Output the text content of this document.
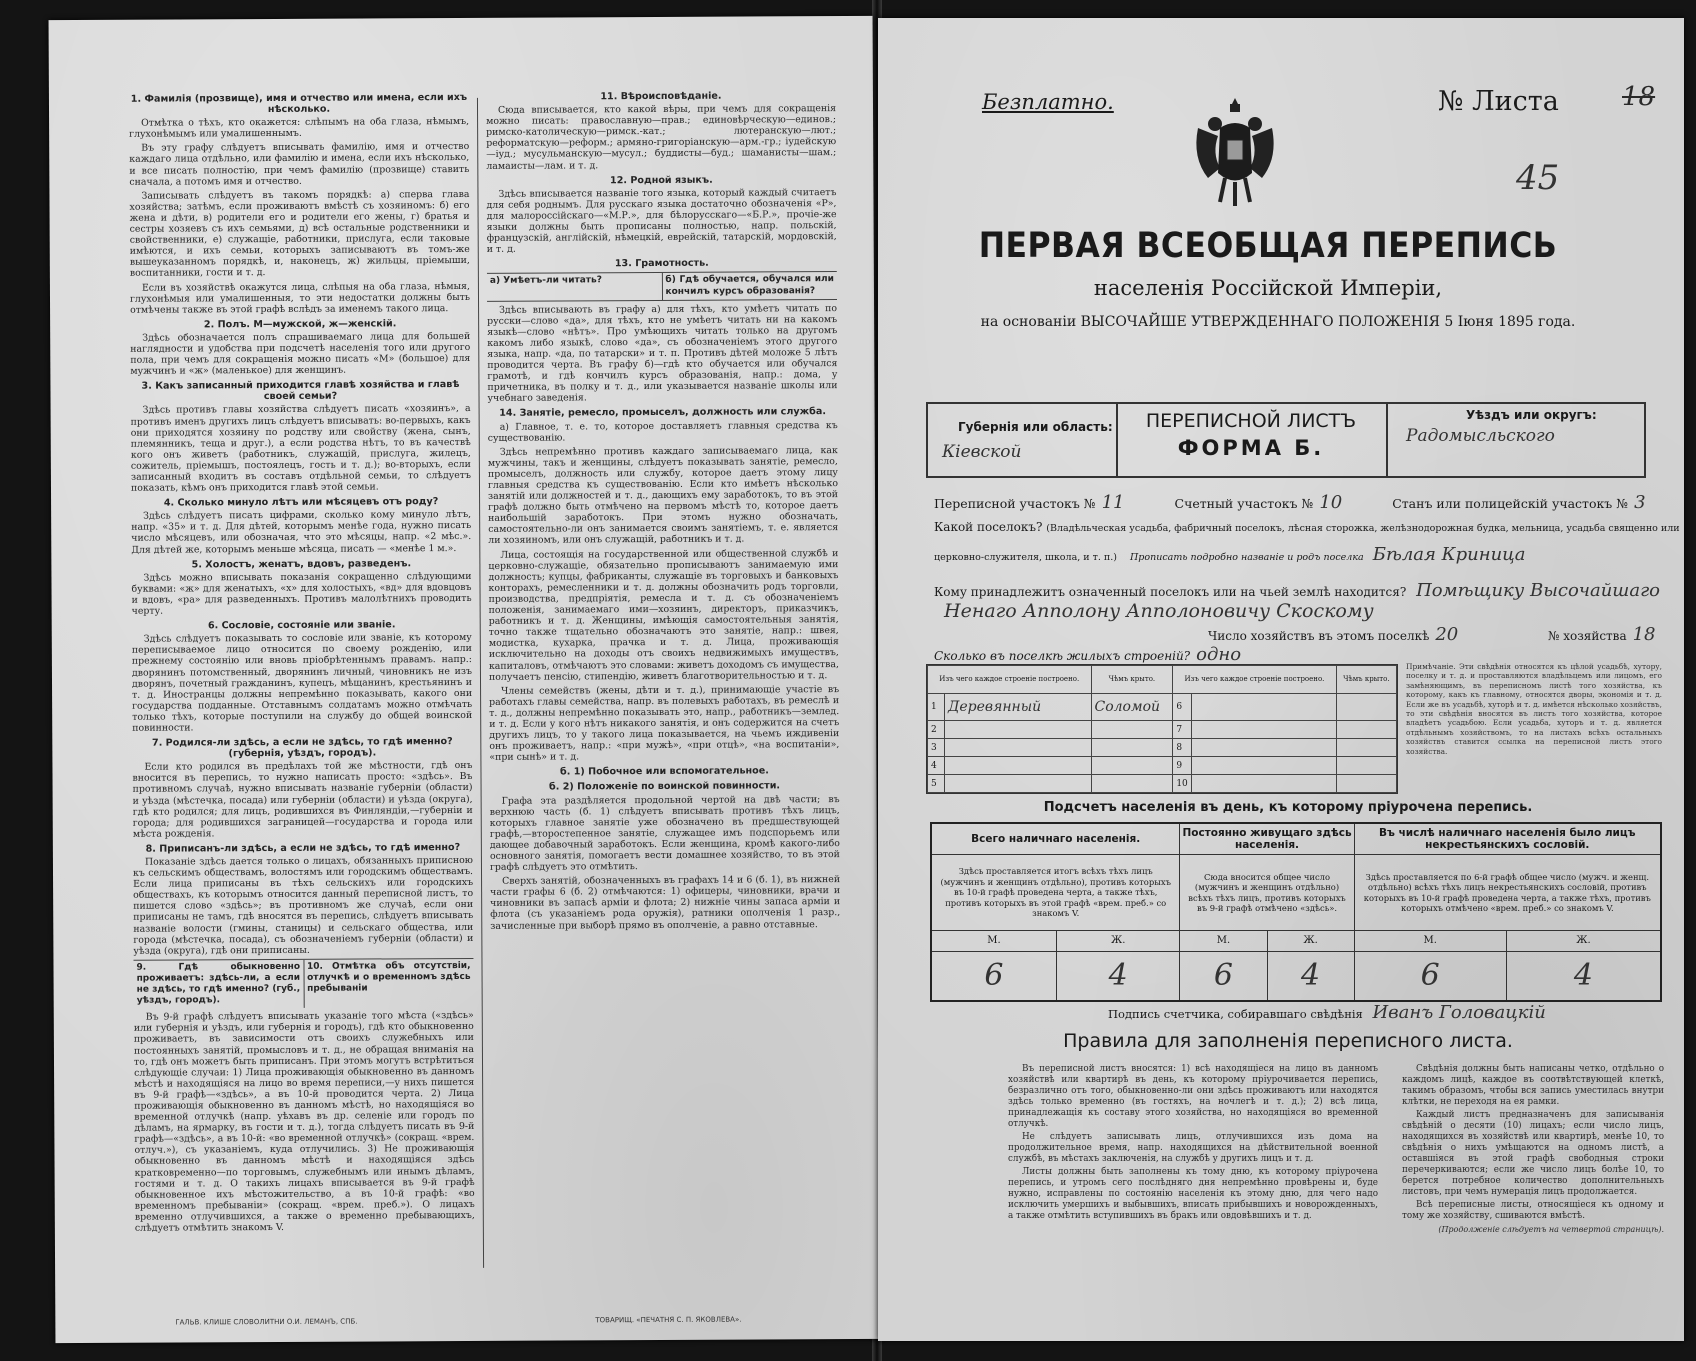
1. Фамилія (прозвище), имя и отчество или имена, если ихъ нѣсколько.

Отмѣтка о тѣхъ, кто окажется: слѣпымъ на оба глаза, нѣмымъ, глухонѣмымъ или умалишеннымъ.

Въ эту графу слѣдуетъ вписывать фамилію, имя и отчество каждаго лица отдѣльно, или фамилію и имена, если ихъ нѣсколько, и все писать полностію, при чемъ фамилію (прозвище) ставить сначала, а потомъ имя и отчество.

Записывать слѣдуетъ въ такомъ порядкѣ: а) сперва глава хозяйства; затѣмъ, если проживаютъ вмѣстѣ съ хозяиномъ: б) его жена и дѣти, в) родители его и родители его жены, г) братья и сестры хозяевъ съ ихъ семьями, д) всѣ остальные родственники и свойственники, е) служащіе, работники, прислуга, если таковые имѣются, и ихъ семьи, которыхъ записываютъ въ томъ-же вышеуказанномъ порядкѣ, и, наконецъ, ж) жильцы, пріемыши, воспитанники, гости и т. д.

Если въ хозяйствѣ окажутся лица, слѣпыя на оба глаза, нѣмыя, глухонѣмыя или умалишенныя, то эти недостатки должны быть отмѣчены также въ этой графѣ вслѣдъ за именемъ такого лица.

2. Полъ. М—мужской, ж—женскій.

Здѣсь обозначается полъ спрашиваемаго лица для большей наглядности и удобства при подсчетѣ населенія того или другого пола, при чемъ для сокращенія можно писать «М» (большое) для мужчинъ и «ж» (маленькое) для женщинъ.

3. Какъ записанный приходится главѣ хозяйства и главѣ своей семьи?

Здѣсь противъ главы хозяйства слѣдуетъ писать «хозяинъ», а противъ именъ другихъ лицъ слѣдуетъ вписывать: во-первыхъ, какъ они приходятся хозяину по родству или свойству (жена, сынъ, племянникъ, теща и друг.), а если родства нѣтъ, то въ качествѣ кого онъ живетъ (работникъ, служащій, прислуга, жилецъ, сожитель, пріемышъ, постоялецъ, гость и т. д.); во-вторыхъ, если записанный входитъ въ составъ отдѣльной семьи, то слѣдуетъ показать, кѣмъ онъ приходится главѣ этой семьи.

4. Сколько минуло лѣтъ или мѣсяцевъ отъ роду?

Здѣсь слѣдуетъ писать цифрами, сколько кому минуло лѣтъ, напр. «35» и т. д. Для дѣтей, которымъ менѣе года, нужно писать число мѣсяцевъ, или обозначая, что это мѣсяцы, напр. «2 мѣс.». Для дѣтей же, которымъ меньше мѣсяца, писать — «менѣе 1 м.».

5. Холостъ, женатъ, вдовъ, разведенъ.

Здѣсь можно вписывать показанія сокращенно слѣдующими буквами: «ж» для женатыхъ, «х» для холостыхъ, «вд» для вдовцовъ и вдовъ, «ра» для разведенныхъ. Противъ малолѣтнихъ проводить черту.

6. Сословіе, состояніе или званіе.

Здѣсь слѣдуетъ показывать то сословіе или званіе, къ которому переписываемое лицо относится по своему рожденію, или прежнему состоянію или вновь пріобрѣтеннымъ правамъ. напр.: дворянинъ потомственный, дворянинъ личный, чиновникъ не изъ дворянъ, почетный гражданинъ, купецъ, мѣщанинъ, крестьянинъ и т. д. Иностранцы должны непремѣнно показывать, какого они государства подданные. Отставнымъ солдатамъ можно отмѣчать только тѣхъ, которые поступили на службу до общей воинской повинности.

7. Родился-ли здѣсь, а если не здѣсь, то гдѣ именно? (губернія, уѣздъ, городъ).

Если кто родился въ предѣлахъ той же мѣстности, гдѣ онъ вносится въ перепись, то нужно написать просто: «здѣсь». Въ противномъ случаѣ, нужно вписывать названіе губерніи (области) и уѣзда (мѣстечка, посада) или губерніи (области) и уѣзда (округа), гдѣ кто родился; для лицъ, родившихся въ Финляндіи,—губерніи и города; для родившихся заграницей—государства и города или мѣста рожденія.

8. Приписанъ-ли здѣсь, а если не здѣсь, то гдѣ именно?

Показаніе здѣсь дается только о лицахъ, обязанныхъ приписною къ сельскимъ обществамъ, волостямъ или городскимъ обществамъ. Если лица приписаны въ тѣхъ сельскихъ или городскихъ обществахъ, къ которымъ относится данный переписной листъ, то пишется слово «здѣсь»; въ противномъ же случаѣ, если они приписаны не тамъ, гдѣ вносятся въ перепись, слѣдуетъ вписывать названіе волости (гмины, станицы) и сельскаго общества, или города (мѣстечка, посада), съ обозначеніемъ губерніи (области) и уѣзда (округа), гдѣ они приписаны.

9. Гдѣ обыкновенно проживаетъ: здѣсь-ли, а если не здѣсь, то гдѣ именно? (губ., уѣздъ, городъ).
10. Отмѣтка объ отсутствіи, отлучкѣ и о временномъ здѣсь пребываніи

Въ 9-й графѣ слѣдуетъ вписывать указаніе того мѣста («здѣсь» или губернія и уѣздъ, или губернія и городъ), гдѣ кто обыкновенно проживаетъ, въ зависимости отъ своихъ служебныхъ или постоянныхъ занятій, промысловъ и т. д., не обращая вниманія на то, гдѣ онъ можетъ быть приписанъ. При этомъ могутъ встрѣтиться слѣдующіе случаи: 1) Лица проживающія обыкновенно въ данномъ мѣстѣ и находящіяся на лицо во время переписи,—у нихъ пишется въ 9-й графѣ—«здѣсь», а въ 10-й проводится черта. 2) Лица проживающія обыкновенно въ данномъ мѣстѣ, но находящіяся во временной отлучкѣ (напр. уѣхавъ въ др. селеніе или городъ по дѣламъ, на ярмарку, въ гости и т. д.), тогда слѣдуетъ писать въ 9-й графѣ—«здѣсь», а въ 10-й: «во временной отлучкѣ» (сокращ. «врем. отлуч.»), съ указаніемъ, куда отлучились. 3) Не проживающія обыкновенно въ данномъ мѣстѣ и находящіяся здѣсь кратковременно—по торговымъ, служебнымъ или инымъ дѣламъ, гостями и т. д. О такихъ лицахъ вписывается въ 9-й графѣ обыкновенное ихъ мѣстожительство, а въ 10-й графѣ: «во временномъ пребываніи» (сокращ. «врем. преб.»). О лицахъ временно отлучившихся, а также о временно пребывающихъ, слѣдуетъ отмѣтить знакомъ V.

11. Вѣроисповѣданіе.

Сюда вписывается, кто какой вѣры, при чемъ для сокращенія можно писать: православную—прав.; единовѣрческую—единов.; римско-католическую—римск.-кат.; лютеранскую—лют.; реформатскую—реформ.; армяно-григоріанскую—арм.-гр.; іудейскую—іуд.; мусульманскую—мусул.; буддисты—буд.; шаманисты—шам.; ламаисты—лам. и т. д.

12. Родной языкъ.

Здѣсь вписывается названіе того языка, который каждый считаетъ для себя роднымъ. Для русскаго языка достаточно обозначенія «Р», для малороссійскаго—«М.Р.», для бѣлорусскаго—«Б.Р.», прочіе-же языки должны быть прописаны полностью, напр. польскій, французскій, англійскій, нѣмецкій, еврейскій, татарскій, мордовскій, и т. д.

13. Грамотность.
а) Умѣетъ-ли читать?	б) Гдѣ обучается, обучался или кончилъ курсъ образованія?

Здѣсь вписывають въ графу а) для тѣхъ, кто умѣетъ читать по русски—слово «да», для тѣхъ, кто не умѣетъ читать ни на какомъ языкѣ—слово «нѣтъ». Про умѣющихъ читать только на другомъ какомъ либо языкѣ, слово «да», съ обозначеніемъ этого другого языка, напр. «да, по татарски» и т. п. Противъ дѣтей моложе 5 лѣтъ проводится черта. Въ графу б)—гдѣ кто обучается или обучался грамотѣ, и гдѣ кончилъ курсъ образованія, напр.: дома, у причетника, въ полку и т. д., или указывается названіе школы или учебнаго заведенія.

14. Занятіе, ремесло, промыселъ, должность или служба.

а) Главное, т. е. то, которое доставляетъ главныя средства къ существованію.

Здѣсь непремѣнно противъ каждаго записываемаго лица, как мужчины, такъ и женщины, слѣдуетъ показывать занятіе, ремесло, промыселъ, должность или службу, которое даетъ этому лицу главныя средства къ существованію. Если кто имѣетъ нѣсколько занятій или должностей и т. д., дающихъ ему заработокъ, то въ этой графѣ должно быть отмѣчено на первомъ мѣстѣ то, которое даетъ наибольшій заработокъ. При этомъ нужно обозначать, самостоятельно-ли онъ занимается своимъ занятіемъ, т. е. является ли хозяиномъ, или онъ служащій, работникъ и т. д.

Лица, состоящія на государственной или общественной службѣ и церковно-служащіе, обязательно прописываютъ занимаемую ими должность; купцы, фабриканты, служащіе въ торговыхъ и банковыхъ конторахъ, ремесленники и т. д. должны обозначить родъ торговли, производства, предпріятія, ремесла и т. д. съ обозначеніемъ положенія, занимаемаго ими—хозяинъ, директоръ, приказчикъ, работникъ и т. д. Женщины, имѣющія самостоятельныя занятія, точно также тщательно обозначаютъ это занятіе, напр.: швея, модистка, кухарка, прачка и т. д. Лица, проживающія исключительно на доходы отъ своихъ недвижимыхъ имуществъ, капиталовъ, отмѣчаютъ это словами: живетъ доходомъ съ имущества, получаетъ пенсію, стипендію, живетъ благотворительностью и т. д.

Члены семействъ (жены, дѣти и т. д.), принимающіе участіе въ работахъ главы семейства, напр. въ полевыхъ работахъ, въ ремеслѣ и т. д., должны непремѣнно показывать это, напр., работникъ—землед. и т. д. Если у кого нѣтъ никакого занятія, и онъ содержится на счетъ другихъ лицъ, то у такого лица показывается, на чьемъ иждивеніи онъ проживаетъ, напр.: «при мужѣ», «при отцѣ», «на воспитаніи», «при сынѣ» и т. д.

б. 1) Побочное или вспомогательное.
б. 2) Положеніе по воинской повинности.

Графа эта раздѣляется продольной чертой на двѣ части; въ верхнюю часть (б. 1) слѣдуетъ вписывать противъ тѣхъ лицъ, которыхъ главное занятіе уже обозначено въ предшествующей графѣ,—второстепенное занятіе, служащее имъ подспорьемъ или дающее добавочный заработокъ. Если женщина, кромѣ какого-либо основного занятія, помогаетъ вести домашнее хозяйство, то въ этой графѣ слѣдуетъ это отмѣтить.

Сверхъ занятій, обозначенныхъ въ графахъ 14 и 6 (б. 1), въ нижней части графы 6 (б. 2) отмѣчаются: 1) офицеры, чиновники, врачи и чиновники въ запасѣ арміи и флота; 2) нижніе чины запаса арміи и флота (съ указаніемъ рода оружія), ратники ополченія 1 разр., зачисленные при выборѣ прямо въ ополченіе, а равно отставные.

ГАЛЬВ. КЛИШЕ СЛОВОЛИТНИ О.И. ЛЕМАНЪ, СПБ.	ТОВАРИЩ. «ПЕЧАТНЯ С. П. ЯКОВЛЕВА».
Безплатно.	№ Листа 18
45
ПЕРВАЯ ВСЕОБЩАЯ ПЕРЕПИСЬ
населенія Россійской Имперіи,
на основаніи ВЫСОЧАЙШЕ УТВЕРЖДЕННАГО ПОЛОЖЕНІЯ 5 Іюня 1895 года.
Губернія или область:
Кіевской
ПЕРЕПИСНОЙ ЛИСТЪ
ФОРМА Б.
Уѣздъ или округъ:
Радомысльского
Переписной участокъ № 11	Счетный участокъ № 10	Станъ или полицейскій участокъ № 3
Какой поселокъ? (Владѣльческая усадьба, фабричный поселокъ, лѣсная сторожка, желѣзнодорожная будка, мельница, усадьба священно или
церковно-служителя, школа, и т. п.) Прописать подробно названіе и родъ поселка Бѣлая Криница
Кому принадлежитъ означенный поселокъ или на чьей землѣ находится? Помѣщику Высочайшаго
Ненаго Апполону Апполоновичу Скоскому
Число хозяйствъ въ этомъ поселкѣ 20	№ хозяйства 18
Сколько въ поселкѣ жилыхъ строеній? одно
Изъ чего каждое строеніе построено.		Чѣмъ крыто.	Изъ чего каждое строеніе построено.		Чѣмъ крыто.
1	Деревянный	Соломой	6		
2			7		
3			8		
4			9		
5			10		
Примѣчаніе. Эти свѣдѣнія относятся къ цѣлой усадьбѣ, хутору, поселку и т. д. и проставляются владѣльцемъ или лицомъ, его замѣняющимъ, въ переписномъ листѣ того хозяйства, къ которому, какъ къ главному, относятся дворы, экономія и т. д. Если же въ усадьбѣ, хуторѣ и т. д. имѣется нѣсколько хозяйствъ, то эти свѣдѣнія вносятся въ листъ того хозяйства, которое владѣетъ усадьбою. Если усадьба, хуторъ и т. д. является отдѣльнымъ хозяйствомъ, то на листахъ всѣхъ остальныхъ хозяйствъ ставится ссылка на переписной листъ этого хозяйства.
Подсчетъ населенія въ день, къ которому пріурочена перепись.
Всего наличнаго населенія.		Постоянно живущаго здѣсь населенія.		Въ числѣ наличнаго населенія было лицъ некрестьянскихъ сословій.	
Здѣсь проставляется итогъ всѣхъ тѣхъ лицъ (мужчинъ и женщинъ отдѣльно), противъ которыхъ въ 10-й графѣ проведена черта, а также тѣхъ, противъ которыхъ въ этой графѣ «врем. преб.» со знакомъ V.		Сюда вносится общее число (мужчинъ и женщинъ отдѣльно) всѣхъ тѣхъ лицъ, противъ которыхъ въ 9-й графѣ отмѣчено «здѣсь».		Здѣсь проставляется по 6-й графѣ общее число (мужч. и женщ. отдѣльно) всѣхъ тѣхъ лицъ некрестьянскихъ сословій, противъ которыхъ въ 10-й графѣ проведена черта, а также тѣхъ, противъ которыхъ отмѣчено «врем. преб.» со знакомъ V.	
М.	Ж.	М.	Ж.	М.	Ж.
6	4	6	4	6	4
Подпись счетчика, собиравшаго свѣдѣнія Иванъ Головацкій
Правила для заполненія переписного листа.

Въ переписной листъ вносятся: 1) всѣ находящіеся на лицо въ данномъ хозяйствѣ или квартирѣ въ день, къ которому пріурочивается перепись, безразлично отъ того, обыкновенно-ли они здѣсь проживаютъ или находятся здѣсь только временно (въ гостяхъ, на ночлегѣ и т. д.); 2) всѣ лица, принадлежащія къ составу этого хозяйства, но находящіяся во временной отлучкѣ.

Не слѣдуетъ записывать лицъ, отлучившихся изъ дома на продолжительное время, напр. находящихся на дѣйствительной военной службѣ, въ мѣстахъ заключенія, на службѣ у другихъ лицъ и т. д.

Листы должны быть заполнены къ тому дню, къ которому пріурочена перепись, и утромъ сего послѣдняго дня непремѣнно провѣрены и, буде нужно, исправлены по состоянію населенія къ этому дню, для чего надо исключить умершихъ и выбывшихъ, вписать прибывшихъ и новорожденныхъ, а также отмѣтить вступившихъ въ бракъ или овдовѣвшихъ и т. д.

Свѣдѣнія должны быть написаны четко, отдѣльно о каждомъ лицѣ, каждое въ соотвѣтствующей клеткѣ, такимъ образомъ, чтобы вся запись уместилась внутри клѣтки, не переходя на ея рамки.

Каждый листъ предназначенъ для записыванія свѣдѣній о десяти (10) лицахъ; если число лицъ, находящихся въ хозяйствѣ или квартирѣ, менѣе 10, то свѣдѣнія о нихъ умѣщаются на одномъ листѣ, а оставшіяся въ этой графѣ свободныя строки перечеркиваются; если же число лицъ болѣе 10, то берется потребное количество дополнительныхъ листовъ, при чемъ нумерація лицъ продолжается.

Всѣ переписные листы, относящіеся къ одному и тому же хозяйству, сшиваются вмѣстѣ.

(Продолженіе слѣдуетъ на четвертой страницѣ).
